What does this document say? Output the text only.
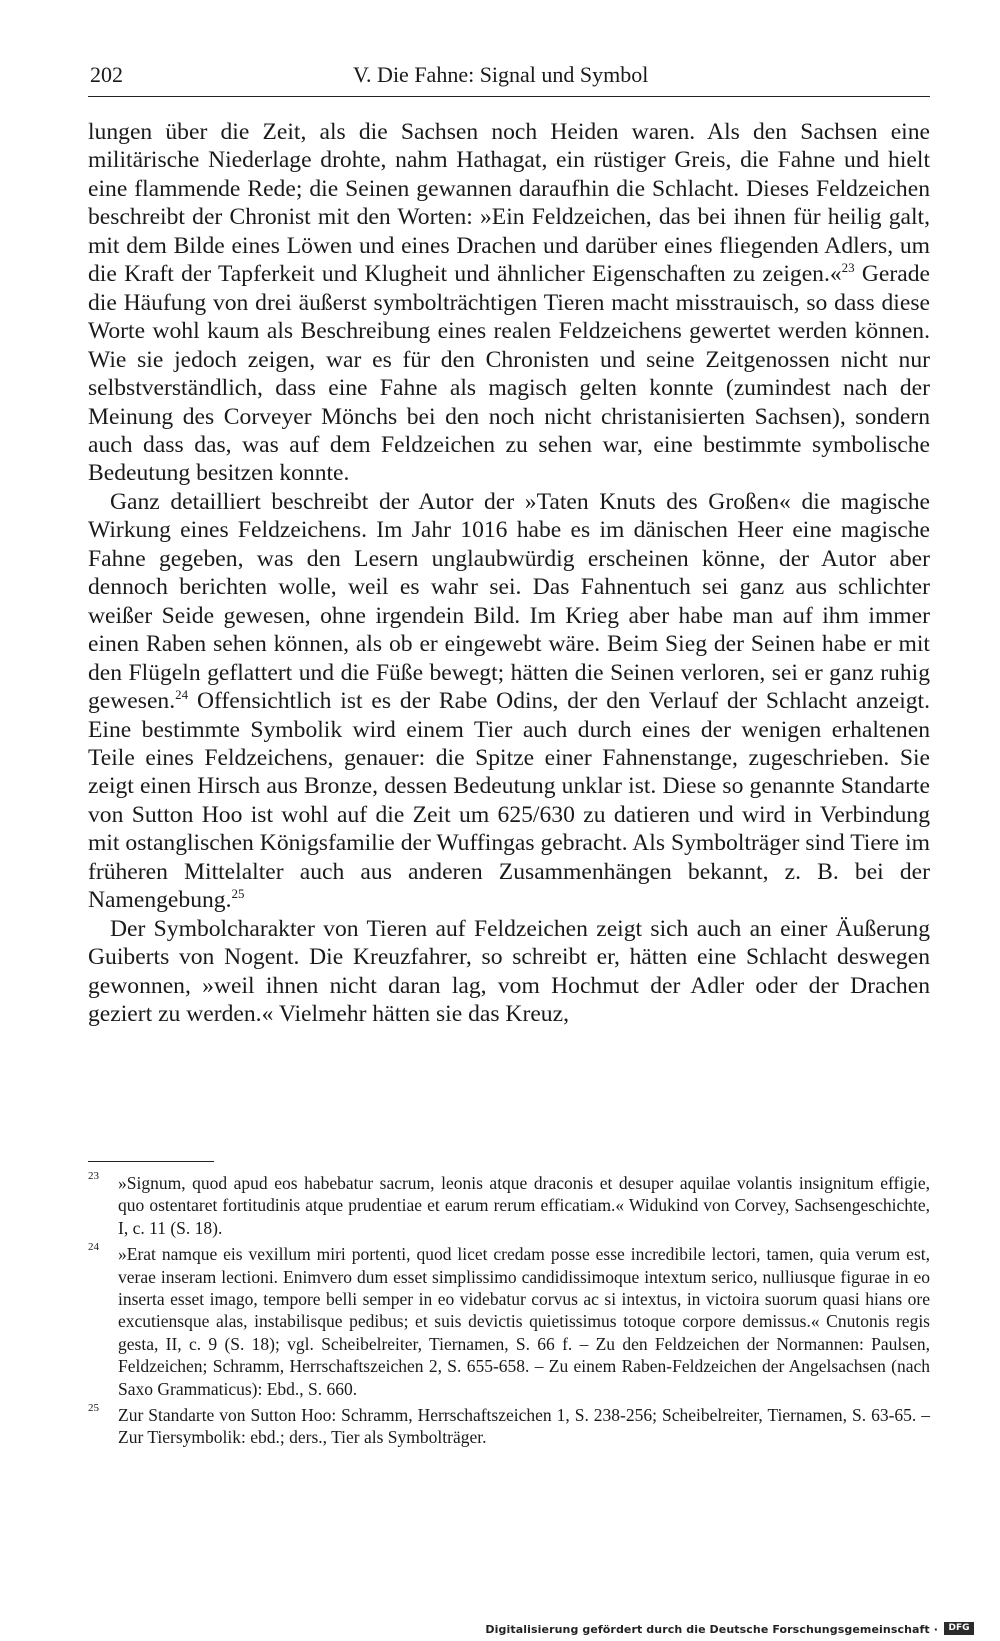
202	V. Die Fahne: Signal und Symbol

lungen über die Zeit, als die Sachsen noch Heiden waren. Als den Sachsen eine militärische Niederlage drohte, nahm Hathagat, ein rüstiger Greis, die Fahne und hielt eine flammende Rede; die Seinen gewannen daraufhin die Schlacht. Dieses Feldzeichen beschreibt der Chronist mit den Worten: »Ein Feldzeichen, das bei ihnen für heilig galt, mit dem Bilde eines Löwen und eines Drachen und darüber eines fliegenden Adlers, um die Kraft der Tapferkeit und Klugheit und ähnlicher Eigenschaften zu zeigen.«$^{23}$ Gerade die Häufung von drei äußerst symbolträchtigen Tieren macht misstrauisch, so dass diese Worte wohl kaum als Beschreibung eines realen Feldzeichens gewertet werden können. Wie sie jedoch zeigen, war es für den Chronisten und seine Zeitgenossen nicht nur selbstverständlich, dass eine Fahne als magisch gelten konnte (zumindest nach der Meinung des Corveyer Mönchs bei den noch nicht christanisierten Sachsen), sondern auch dass das, was auf dem Feldzeichen zu sehen war, eine bestimmte symbolische Bedeutung besitzen konnte.

Ganz detailliert beschreibt der Autor der »Taten Knuts des Großen« die magische Wirkung eines Feldzeichens. Im Jahr 1016 habe es im dänischen Heer eine magische Fahne gegeben, was den Lesern unglaubwürdig erscheinen könne, der Autor aber dennoch berichten wolle, weil es wahr sei. Das Fahnentuch sei ganz aus schlichter weißer Seide gewesen, ohne irgendein Bild. Im Krieg aber habe man auf ihm immer einen Raben sehen können, als ob er eingewebt wäre. Beim Sieg der Seinen habe er mit den Flügeln geflattert und die Füße bewegt; hätten die Seinen verloren, sei er ganz ruhig gewesen.$^{24}$ Offensichtlich ist es der Rabe Odins, der den Verlauf der Schlacht anzeigt. Eine bestimmte Symbolik wird einem Tier auch durch eines der wenigen erhaltenen Teile eines Feldzeichens, genauer: die Spitze einer Fahnenstange, zugeschrieben. Sie zeigt einen Hirsch aus Bronze, dessen Bedeutung unklar ist. Diese so genannte Standarte von Sutton Hoo ist wohl auf die Zeit um 625/630 zu datieren und wird in Verbindung mit ostanglischen Königsfamilie der Wuffingas gebracht. Als Symbolträger sind Tiere im früheren Mittelalter auch aus anderen Zusammenhängen bekannt, z. B. bei der Namengebung.$^{25}$

Der Symbolcharakter von Tieren auf Feldzeichen zeigt sich auch an einer Äußerung Guiberts von Nogent. Die Kreuzfahrer, so schreibt er, hätten eine Schlacht deswegen gewonnen, »weil ihnen nicht daran lag, vom Hochmut der Adler oder der Drachen geziert zu werden.« Vielmehr hätten sie das Kreuz,

23 »Signum, quod apud eos habebatur sacrum, leonis atque draconis et desuper aquilae volantis insignitum effigie, quo ostentaret fortitudinis atque prudentiae et earum rerum efficatiam.« Widukind von Corvey, Sachsengeschichte, I, c. 11 (S. 18).
24 »Erat namque eis vexillum miri portenti, quod licet credam posse esse incredibile lectori, tamen, quia verum est, verae inseram lectioni. Enimvero dum esset simplissimo candidissimoque intextum serico, nulliusque figurae in eo inserta esset imago, tempore belli semper in eo videbatur corvus ac si intextus, in victoira suorum quasi hians ore excutiensque alas, instabilisque pedibus; et suis devictis quietissimus totoque corpore demissus.« Cnutonis regis gesta, II, c. 9 (S. 18); vgl. Scheibelreiter, Tiernamen, S. 66 f. – Zu den Feldzeichen der Normannen: Paulsen, Feldzeichen; Schramm, Herrschaftszeichen 2, S. 655-658. – Zu einem Raben-Feldzeichen der Angelsachsen (nach Saxo Grammaticus): Ebd., S. 660.
25 Zur Standarte von Sutton Hoo: Schramm, Herrschaftszeichen 1, S. 238-256; Scheibelreiter, Tiernamen, S. 63-65. – Zur Tiersymbolik: ebd.; ders., Tier als Symbolträger.
Digitalisierung gefördert durch die Deutsche Forschungsgemeinschaft ·	DFG
